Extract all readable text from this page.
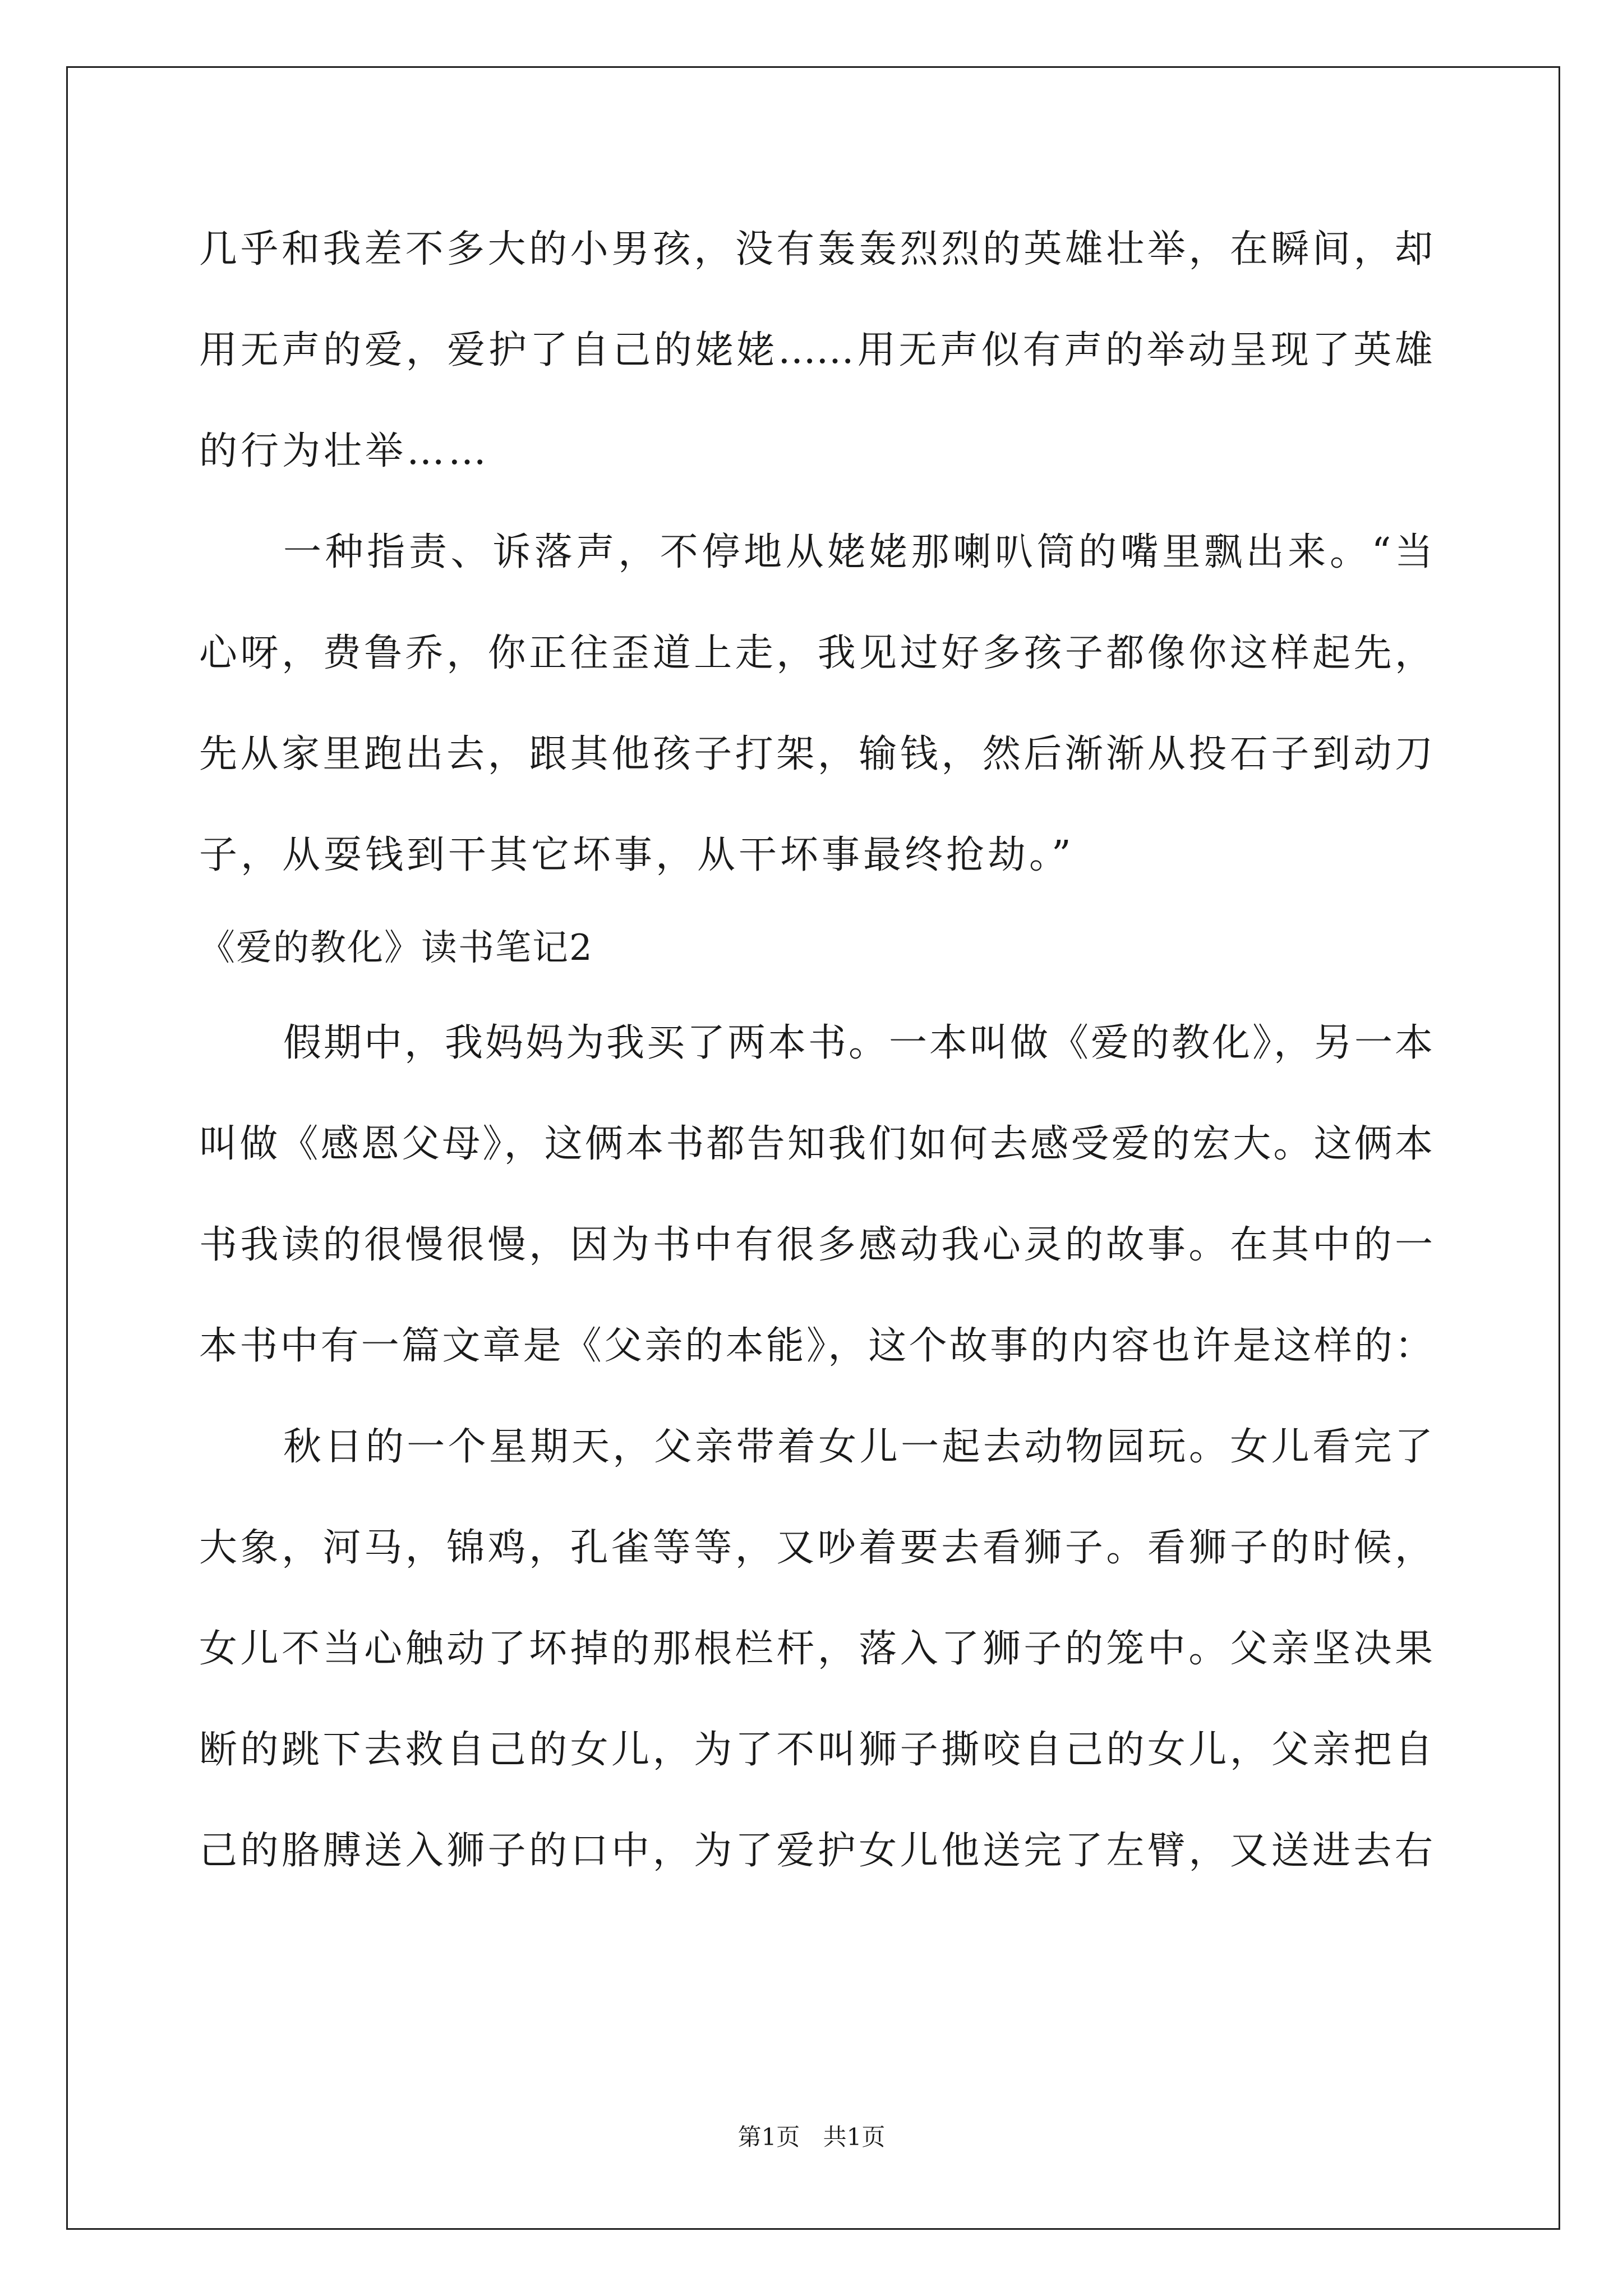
几乎和我差不多大的小男孩，没有轰轰烈烈的英雄壮举，在瞬间，却
用无声的爱，爱护了自己的姥姥……用无声似有声的举动呈现了英雄
的行为壮举……
一种指责、诉落声，不停地从姥姥那喇叭筒的嘴里飘出来。“当
心呀，费鲁乔，你正往歪道上走，我见过好多孩子都像你这样起先，
先从家里跑出去，跟其他孩子打架，输钱，然后渐渐从投石子到动刀
子，从耍钱到干其它坏事，从干坏事最终抢劫。”
《爱的教化》读书笔记2
假期中，我妈妈为我买了两本书。一本叫做《爱的教化》，另一本
叫做《感恩父母》，这俩本书都告知我们如何去感受爱的宏大。这俩本
书我读的很慢很慢，因为书中有很多感动我心灵的故事。在其中的一
本书中有一篇文章是《父亲的本能》，这个故事的内容也许是这样的：
秋日的一个星期天，父亲带着女儿一起去动物园玩。女儿看完了
大象，河马，锦鸡，孔雀等等，又吵着要去看狮子。看狮子的时候，
女儿不当心触动了坏掉的那根栏杆，落入了狮子的笼中。父亲坚决果
断的跳下去救自己的女儿，为了不叫狮子撕咬自己的女儿，父亲把自
己的胳膊送入狮子的口中，为了爱护女儿他送完了左臂，又送进去右
第1页 共1页
